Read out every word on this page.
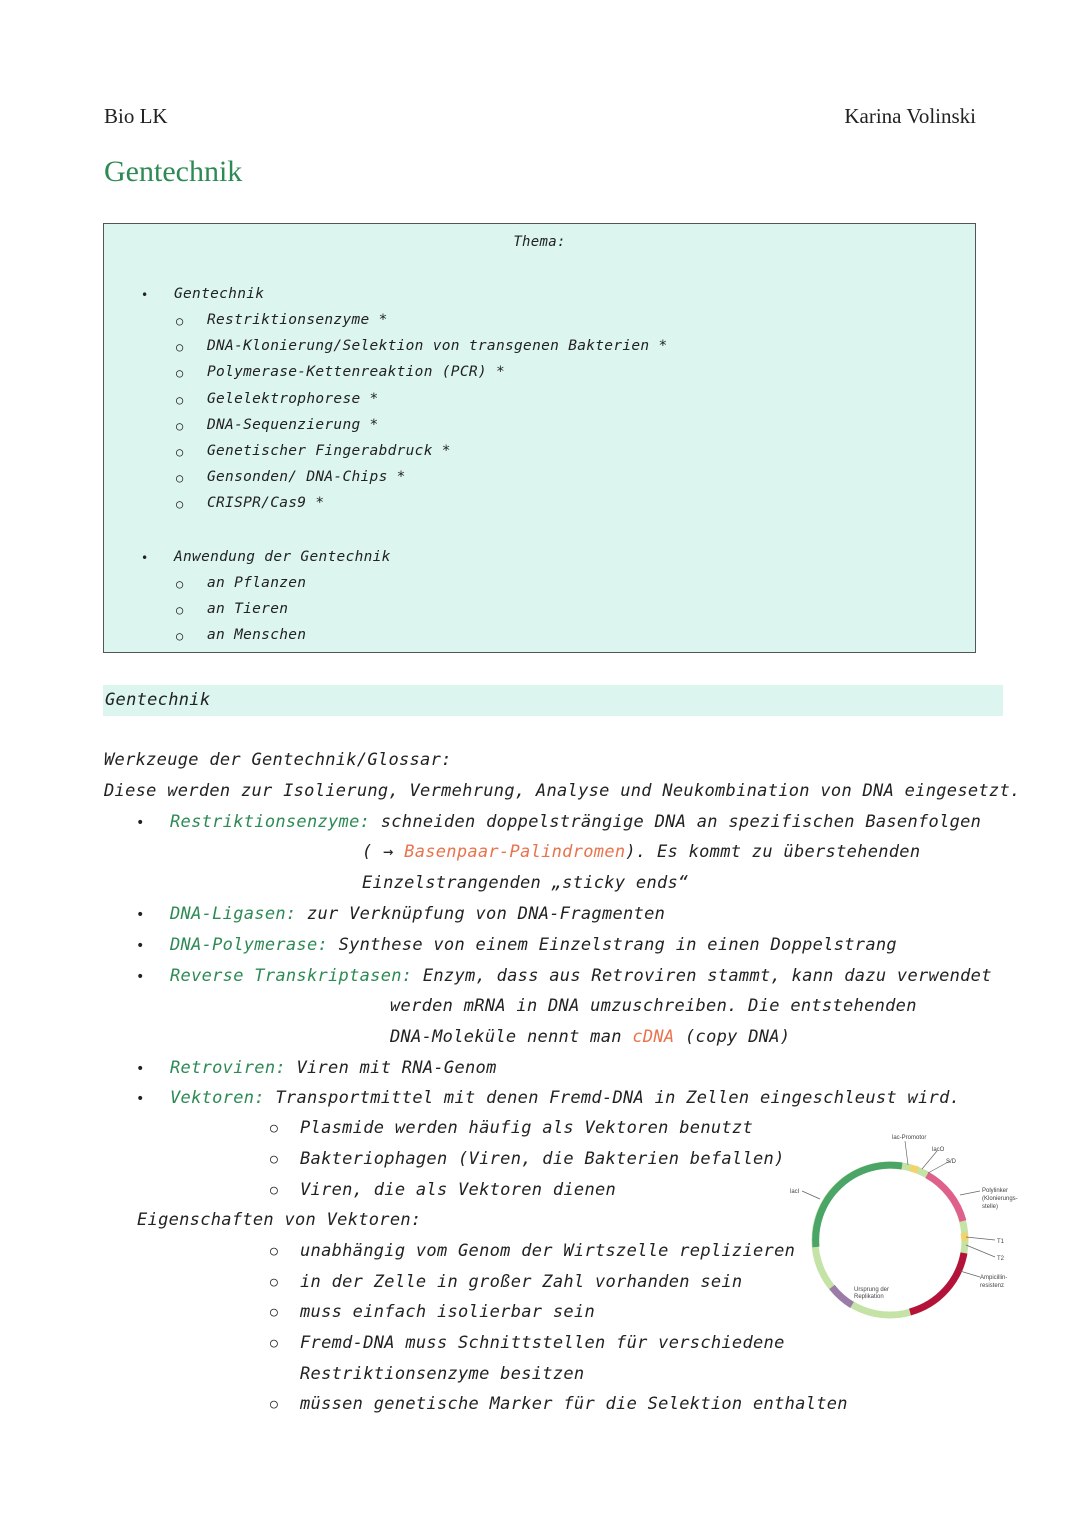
Bio LK	Karina Volinski
Gentechnik
Thema:
• Gentechnik
○ Restriktionsenzyme *
○ DNA-Klonierung/Selektion von transgenen Bakterien *
○ Polymerase-Kettenreaktion (PCR) *
○ Gelelektrophorese *
○ DNA-Sequenzierung *
○ Genetischer Fingerabdruck *
○ Gensonden/ DNA-Chips *
○ CRISPR/Cas9 *
• Anwendung der Gentechnik
○ an Pflanzen
○ an Tieren
○ an Menschen
Gentechnik
Werkzeuge der Gentechnik/Glossar:
Diese werden zur Isolierung, Vermehrung, Analyse und Neukombination von DNA eingesetzt.
• Restriktionsenzyme: schneiden doppelsträngige DNA an spezifischen Basenfolgen
( → Basenpaar-Palindromen). Es kommt zu überstehenden
Einzelstrangenden „sticky ends“
• DNA-Ligasen: zur Verknüpfung von DNA-Fragmenten
• DNA-Polymerase: Synthese von einem Einzelstrang in einen Doppelstrang
• Reverse Transkriptasen: Enzym, dass aus Retroviren stammt, kann dazu verwendet
werden mRNA in DNA umzuschreiben. Die entstehenden
DNA-Moleküle nennt man cDNA (copy DNA)
• Retroviren: Viren mit RNA-Genom
• Vektoren: Transportmittel mit denen Fremd-DNA in Zellen eingeschleust wird.
○ Plasmide werden häufig als Vektoren benutzt
○ Bakteriophagen (Viren, die Bakterien befallen)
○ Viren, die als Vektoren dienen
Eigenschaften von Vektoren:
○ unabhängig vom Genom der Wirtszelle replizieren
○ in der Zelle in großer Zahl vorhanden sein
○ muss einfach isolierbar sein
○ Fremd-DNA muss Schnittstellen für verschiedene
Restriktionsenzyme besitzen
○ müssen genetische Marker für die Selektion enthalten
lac-Promotor
lacO
S/D
lacI	Polylinker
(Klonierungs-
stelle)
T1
T2
Ampicillin-
resistenz
Ursprung der
Replikation
